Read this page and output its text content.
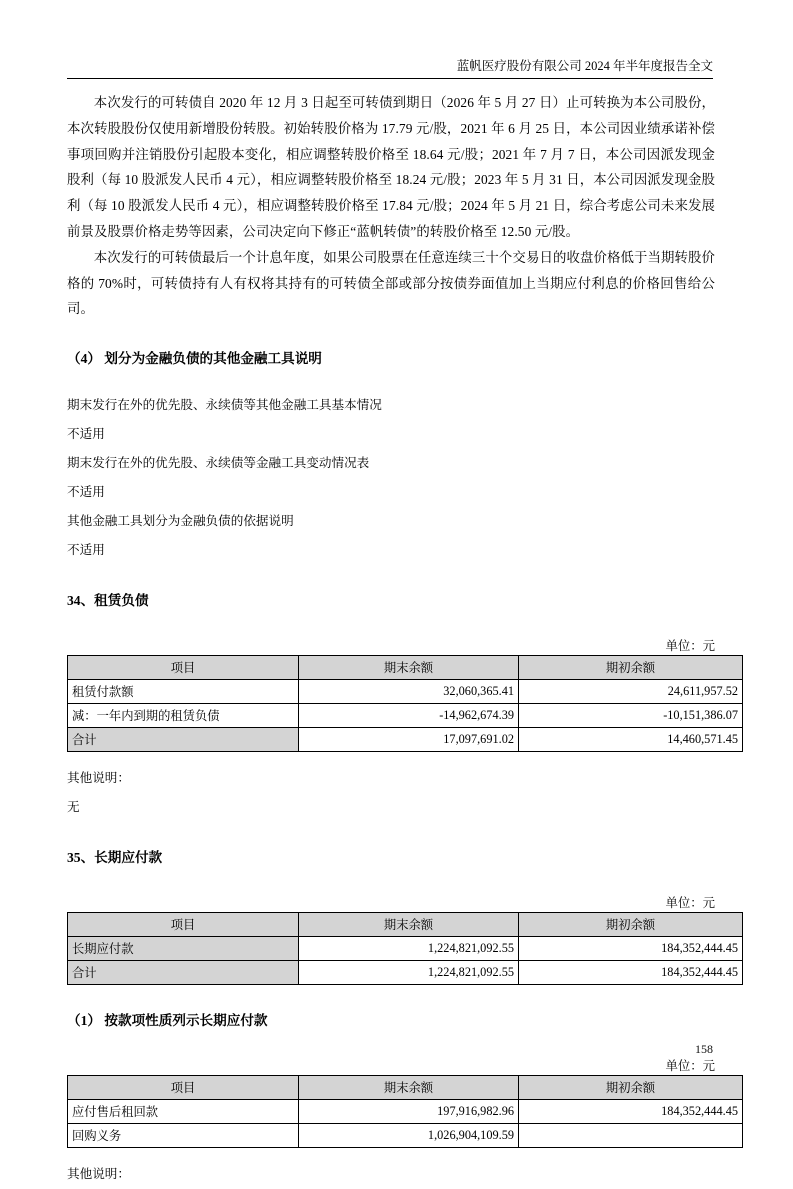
蓝帆医疗股份有限公司 2024 年半年度报告全文

本次发行的可转债自 2020 年 12 月 3 日起至可转债到期日（2026 年 5 月 27 日）止可转换为本公司股份，本次转股股份仅使用新增股份转股。初始转股价格为 17.79 元/股，2021 年 6 月 25 日，本公司因业绩承诺补偿事项回购并注销股份引起股本变化，相应调整转股价格至 18.64 元/股；2021 年 7 月 7 日，本公司因派发现金股利（每 10 股派发人民币 4 元），相应调整转股价格至 18.24 元/股；2023 年 5 月 31 日，本公司因派发现金股利（每 10 股派发人民币 4 元），相应调整转股价格至 17.84 元/股；2024 年 5 月 21 日，综合考虑公司未来发展前景及股票价格走势等因素，公司决定向下修正“蓝帆转债”的转股价格至 12.50 元/股。

本次发行的可转债最后一个计息年度，如果公司股票在任意连续三十个交易日的收盘价格低于当期转股价格的 70%时，可转债持有人有权将其持有的可转债全部或部分按债券面值加上当期应付利息的价格回售给公司。

（4） 划分为金融负债的其他金融工具说明

期末发行在外的优先股、永续债等其他金融工具基本情况

不适用

期末发行在外的优先股、永续债等金融工具变动情况表

不适用

其他金融工具划分为金融负债的依据说明

不适用

34、租赁负债

单位：元

项目	期末余额	期初余额
租赁付款额	32,060,365.41	24,611,957.52
减：一年内到期的租赁负债	-14,962,674.39	-10,151,386.07
合计	17,097,691.02	14,460,571.45

其他说明：

无

35、长期应付款

单位：元

项目	期末余额	期初余额
长期应付款	1,224,821,092.55	184,352,444.45
合计	1,224,821,092.55	184,352,444.45
（1） 按款项性质列示长期应付款

单位：元

项目	期末余额	期初余额
应付售后租回款	197,916,982.96	184,352,444.45
回购义务	1,026,904,109.59	

其他说明：

158
